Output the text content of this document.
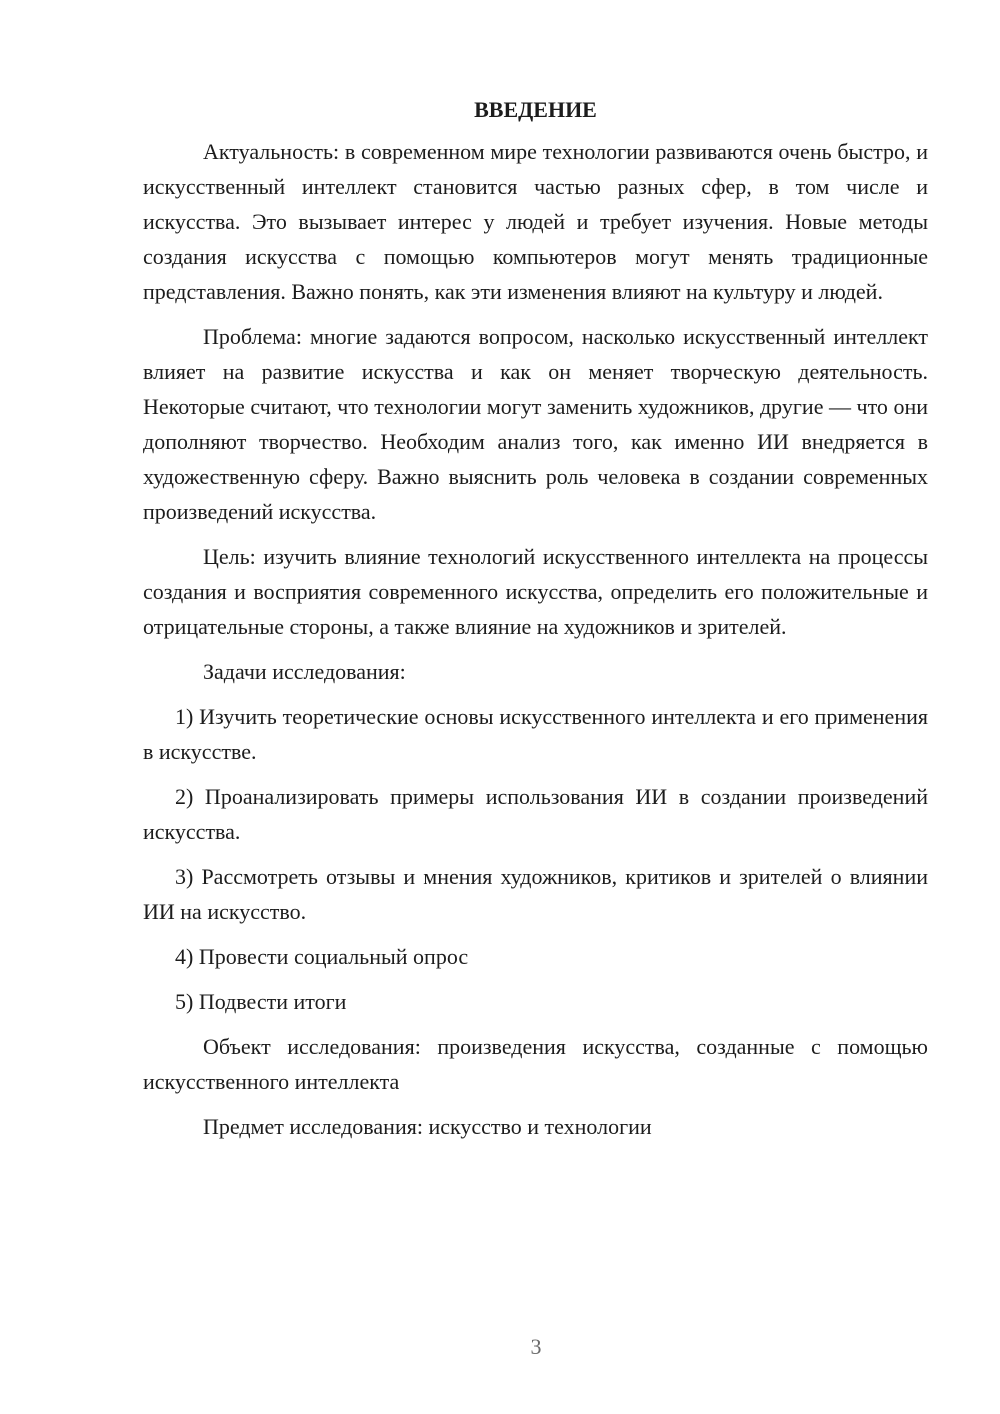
ВВЕДЕНИЕ

Актуальность: в современном мире технологии развиваются очень быстро, и искусственный интеллект становится частью разных сфер, в том числе и искусства. Это вызывает интерес у людей и требует изучения. Новые методы создания искусства с помощью компьютеров могут менять традиционные представления. Важно понять, как эти изменения влияют на культуру и людей.

Проблема: многие задаются вопросом, насколько искусственный интеллект влияет на развитие искусства и как он меняет творческую деятельность. Некоторые считают, что технологии могут заменить художников, другие — что они дополняют творчество. Необходим анализ того, как именно ИИ внедряется в художественную сферу. Важно выяснить роль человека в создании современных произведений искусства.

Цель: изучить влияние технологий искусственного интеллекта на процессы создания и восприятия современного искусства, определить его положительные и отрицательные стороны, а также влияние на художников и зрителей.

Задачи исследования:

1) Изучить теоретические основы искусственного интеллекта и его применения в искусстве.

2) Проанализировать примеры использования ИИ в создании произведений искусства.

3) Рассмотреть отзывы и мнения художников, критиков и зрителей о влиянии ИИ на искусство.

4) Провести социальный опрос

5) Подвести итоги

Объект исследования: произведения искусства, созданные с помощью искусственного интеллекта

Предмет исследования: искусство и технологии

3
